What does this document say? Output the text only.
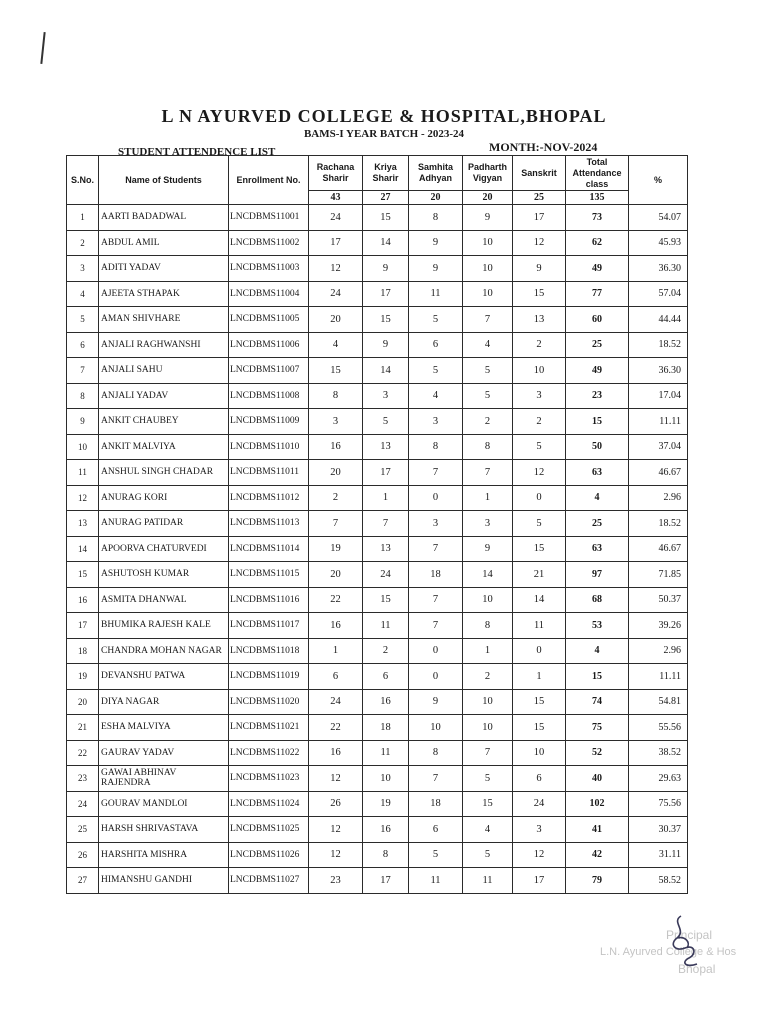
L N AYURVED COLLEGE & HOSPITAL,BHOPAL
BAMS-I YEAR BATCH - 2023-24
STUDENT ATTENDENCE LIST	MONTH:-NOV-2024
S.No.	Name of Students	Enrollment No.	Rachana Sharir	Kriya Sharir	Samhita Adhyan	Padharth Vigyan	Sanskrit	Total Attendance class	%
			43	27	20	20	25	135	
1	AARTI BADADWAL	LNCDBMS11001	24	15	8	9	17	73	54.07
2	ABDUL AMIL	LNCDBMS11002	17	14	9	10	12	62	45.93
3	ADITI YADAV	LNCDBMS11003	12	9	9	10	9	49	36.30
4	AJEETA STHAPAK	LNCDBMS11004	24	17	11	10	15	77	57.04
5	AMAN SHIVHARE	LNCDBMS11005	20	15	5	7	13	60	44.44
6	ANJALI RAGHWANSHI	LNCDBMS11006	4	9	6	4	2	25	18.52
7	ANJALI SAHU	LNCDBMS11007	15	14	5	5	10	49	36.30
8	ANJALI YADAV	LNCDBMS11008	8	3	4	5	3	23	17.04
9	ANKIT CHAUBEY	LNCDBMS11009	3	5	3	2	2	15	11.11
10	ANKIT MALVIYA	LNCDBMS11010	16	13	8	8	5	50	37.04
11	ANSHUL SINGH CHADAR	LNCDBMS11011	20	17	7	7	12	63	46.67
12	ANURAG KORI	LNCDBMS11012	2	1	0	1	0	4	2.96
13	ANURAG PATIDAR	LNCDBMS11013	7	7	3	3	5	25	18.52
14	APOORVA CHATURVEDI	LNCDBMS11014	19	13	7	9	15	63	46.67
15	ASHUTOSH KUMAR	LNCDBMS11015	20	24	18	14	21	97	71.85
16	ASMITA DHANWAL	LNCDBMS11016	22	15	7	10	14	68	50.37
17	BHUMIKA RAJESH KALE	LNCDBMS11017	16	11	7	8	11	53	39.26
18	CHANDRA MOHAN NAGAR	LNCDBMS11018	1	2	0	1	0	4	2.96
19	DEVANSHU PATWA	LNCDBMS11019	6	6	0	2	1	15	11.11
20	DIYA NAGAR	LNCDBMS11020	24	16	9	10	15	74	54.81
21	ESHA MALVIYA	LNCDBMS11021	22	18	10	10	15	75	55.56
22	GAURAV YADAV	LNCDBMS11022	16	11	8	7	10	52	38.52
23	GAWAI ABHINAV RAJENDRA	LNCDBMS11023	12	10	7	5	6	40	29.63
24	GOURAV MANDLOI	LNCDBMS11024	26	19	18	15	24	102	75.56
25	HARSH SHRIVASTAVA	LNCDBMS11025	12	16	6	4	3	41	30.37
26	HARSHITA MISHRA	LNCDBMS11026	12	8	5	5	12	42	31.11
27	HIMANSHU GANDHI	LNCDBMS11027	23	17	11	11	17	79	58.52
Principal
L.N. Ayurved College & Hos
Bhopal
